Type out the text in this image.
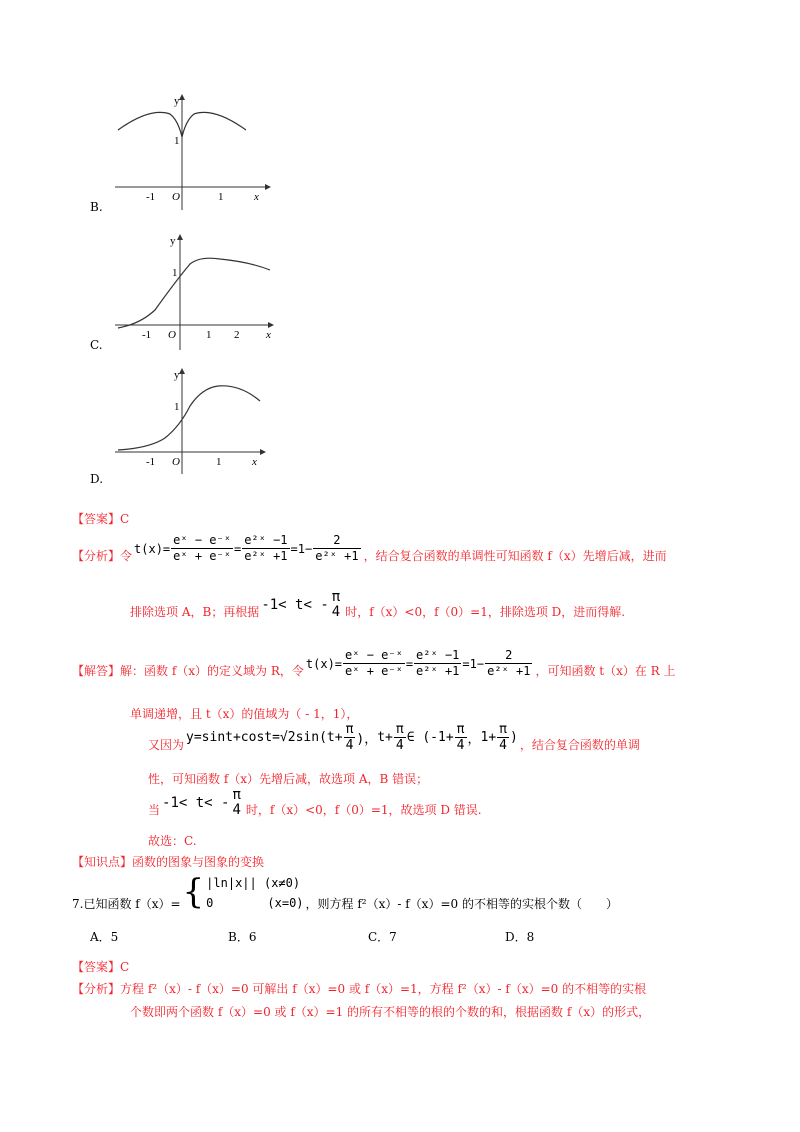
y
1
-1 O	1	x
B.
y
1
-1 O	1 2 x
C.
y
1
-1 O	1	x
D.
【答案】C
【分析】令
$t(x)= \frac{\text{eˣ − e⁻ˣ}}{\text{eˣ + e⁻ˣ}} = \frac{\text{e²ˣ −1}}{\text{e²ˣ +1}} =1- \frac{2}{\text{e²ˣ +1}}$ ，结合复合函数的单调性可知函数 f（x）先增后减，进而
排除选项 A，B；再根据 -1< t< - π
4 时，f（x）<0，f（0）=1，排除选项 D，进而得解.
【解答】解：函数 f（x）的定义域为 R，令
$t(x)= \frac{\text{eˣ − e⁻ˣ}}{\text{eˣ + e⁻ˣ}} = \frac{\text{e²ˣ −1}}{\text{e²ˣ +1}} =1- \frac{2}{\text{e²ˣ +1}}$ ，可知函数 t（x）在 R 上
单调递增，且 t（x）的值域为（ - 1，1），
又因为 $y=\sin t+\cos t=√2\sin(t+ \frac{\pi}{4}$ )， $t+ \frac{\pi}{4}$ ∈ ($-1+ \frac{\pi}{4}$ ， $1+ \frac{\pi}{4}$ ) ，结合复合函数的单调
性，可知函数 f（x）先增后减，故选项 A，B 错误；
当 -1< t< - π
4 时，f（x）<0，f（0）=1，故选项 D 错误.
故选：C.
【知识点】函数的图象与图象的变换
7.已知函数 f（x）= { |ln|x|| (x≠0)
0	(x=0) ，则方程 f²（x）- f（x）=0 的不相等的实根个数（　　）
A．5	B．6	C．7	D．8
【答案】C
【分析】方程 f²（x）- f（x）=0 可解出 f（x）=0 或 f（x）=1，方程 f²（x）- f（x）=0 的不相等的实根
个数即两个函数 f（x）=0 或 f（x）=1 的所有不相等的根的个数的和，根据函数 f（x）的形式，
